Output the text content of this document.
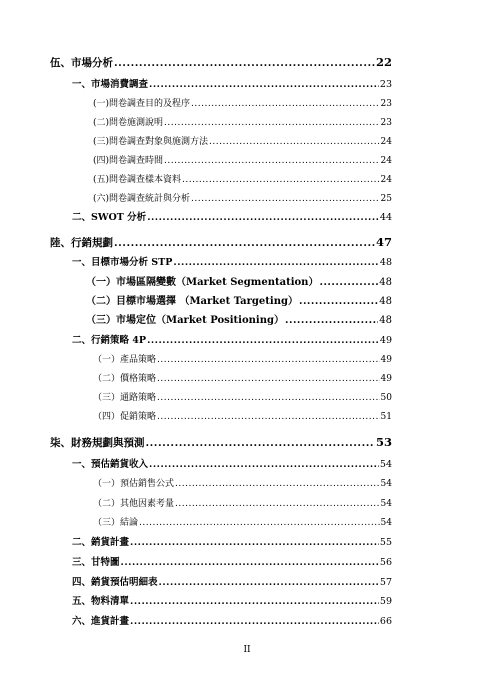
伍、市場分析 .....	22
一、市場消費調查 .....	23
(一)問卷調查目的及程序 .....	23
(二)問卷施測說明 .....	23
(三)問卷調查對象與施測方法 .....	24
(四)問卷調查時間 .....	24
(五)問卷調查樣本資料 .....	24
(六)問卷調查統計與分析 .....	25
二、SWOT 分析 .....	44
陸、行銷規劃 .....	47
一、目標市場分析 STP .....	48
（一）市場區隔變數（Market Segmentation） .....	48
（二）目標市場選擇 （Market Targeting） .....	48
（三）市場定位（Market Positioning） .....	48
二、行銷策略 4P .....	49
（一）產品策略 .....	49
（二）價格策略 .....	49
（三）通路策略 .....	50
（四）促銷策略 .....	51
柒、財務規劃與預測 .....	53
一、預估銷貨收入 .....	54
（一）預估銷售公式 .....	54
（二）其他因素考量 .....	54
（三）結論 .....	54
二、銷貨計畫 .....	55
三、甘特圖 .....	56
四、銷貨預估明細表 .....	57
五、物料清單 .....	59
六、進貨計畫 .....	66
II
